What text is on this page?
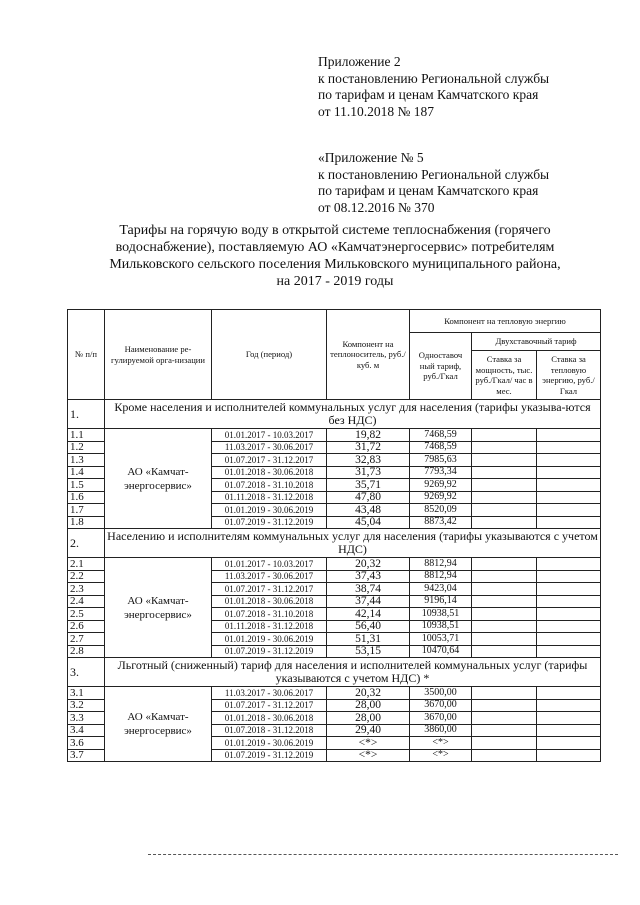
Приложение 2
к постановлению Региональной службы
по тарифам и ценам Камчатского края
от 11.10.2018 № 187
«Приложение № 5
к постановлению Региональной службы
по тарифам и ценам Камчатского края
от 08.12.2016 № 370
Тарифы на горячую воду в открытой системе теплоснабжения (горячего
водоснабжение), поставляемую АО «Камчатэнергосервис» потребителям
Мильковского сельского поселения Мильковского муниципального района,
на 2017 - 2019 годы
№ п/п	Наименование ре-гулируемой орга-низации	Год (период)	Компонент на теплоноситель, руб./куб. м	Компонент на тепловую энергию		
				Одноставоч ный тариф, руб./Гкал	Двухставочный тариф	
					Ставка за мощность, тыс. руб./Гкал/ час в мес.	Ставка за тепловую энергию, руб./Гкал
1.	Кроме населения и исполнителей коммунальных услуг для населения (тарифы указыва-ются без НДС)					
1.1	АО «Камчат-энергосервис»	01.01.2017 - 10.03.2017	19,82	7468,59		
1.2		11.03.2017 - 30.06.2017	31,72	7468,59		
1.3		01.07.2017 - 31.12.2017	32,83	7985,63		
1.4		01.01.2018 - 30.06.2018	31,73	7793,34		
1.5		01.07.2018 - 31.10.2018	35,71	9269,92		
1.6		01.11.2018 - 31.12.2018	47,80	9269,92		
1.7		01.01.2019 - 30.06.2019	43,48	8520,09		
1.8		01.07.2019 - 31.12.2019	45,04	8873,42		
2.	Населению и исполнителям коммунальных услуг для населения (тарифы указываются с учетом НДС)					
2.1	АО «Камчат-энергосервис»	01.01.2017 - 10.03.2017	20,32	8812,94		
2.2		11.03.2017 - 30.06.2017	37,43	8812,94		
2.3		01.07.2017 - 31.12.2017	38,74	9423,04		
2.4		01.01.2018 - 30.06.2018	37,44	9196,14		
2.5		01.07.2018 - 31.10.2018	42,14	10938,51		
2.6		01.11.2018 - 31.12.2018	56,40	10938,51		
2.7		01.01.2019 - 30.06.2019	51,31	10053,71		
2.8		01.07.2019 - 31.12.2019	53,15	10470,64		
3.	Льготный (сниженный) тариф для населения и исполнителей коммунальных услуг (тарифы указываются с учетом НДС) *					
3.1	АО «Камчат-энергосервис»	11.03.2017 - 30.06.2017	20,32	3500,00		
3.2		01.07.2017 - 31.12.2017	28,00	3670,00		
3.3		01.01.2018 - 30.06.2018	28,00	3670,00		
3.4		01.07.2018 - 31.12.2018	29,40	3860,00		
3.6		01.01.2019 - 30.06.2019	<*>	<*>		
3.7		01.07.2019 - 31.12.2019	<*>	<*>		
